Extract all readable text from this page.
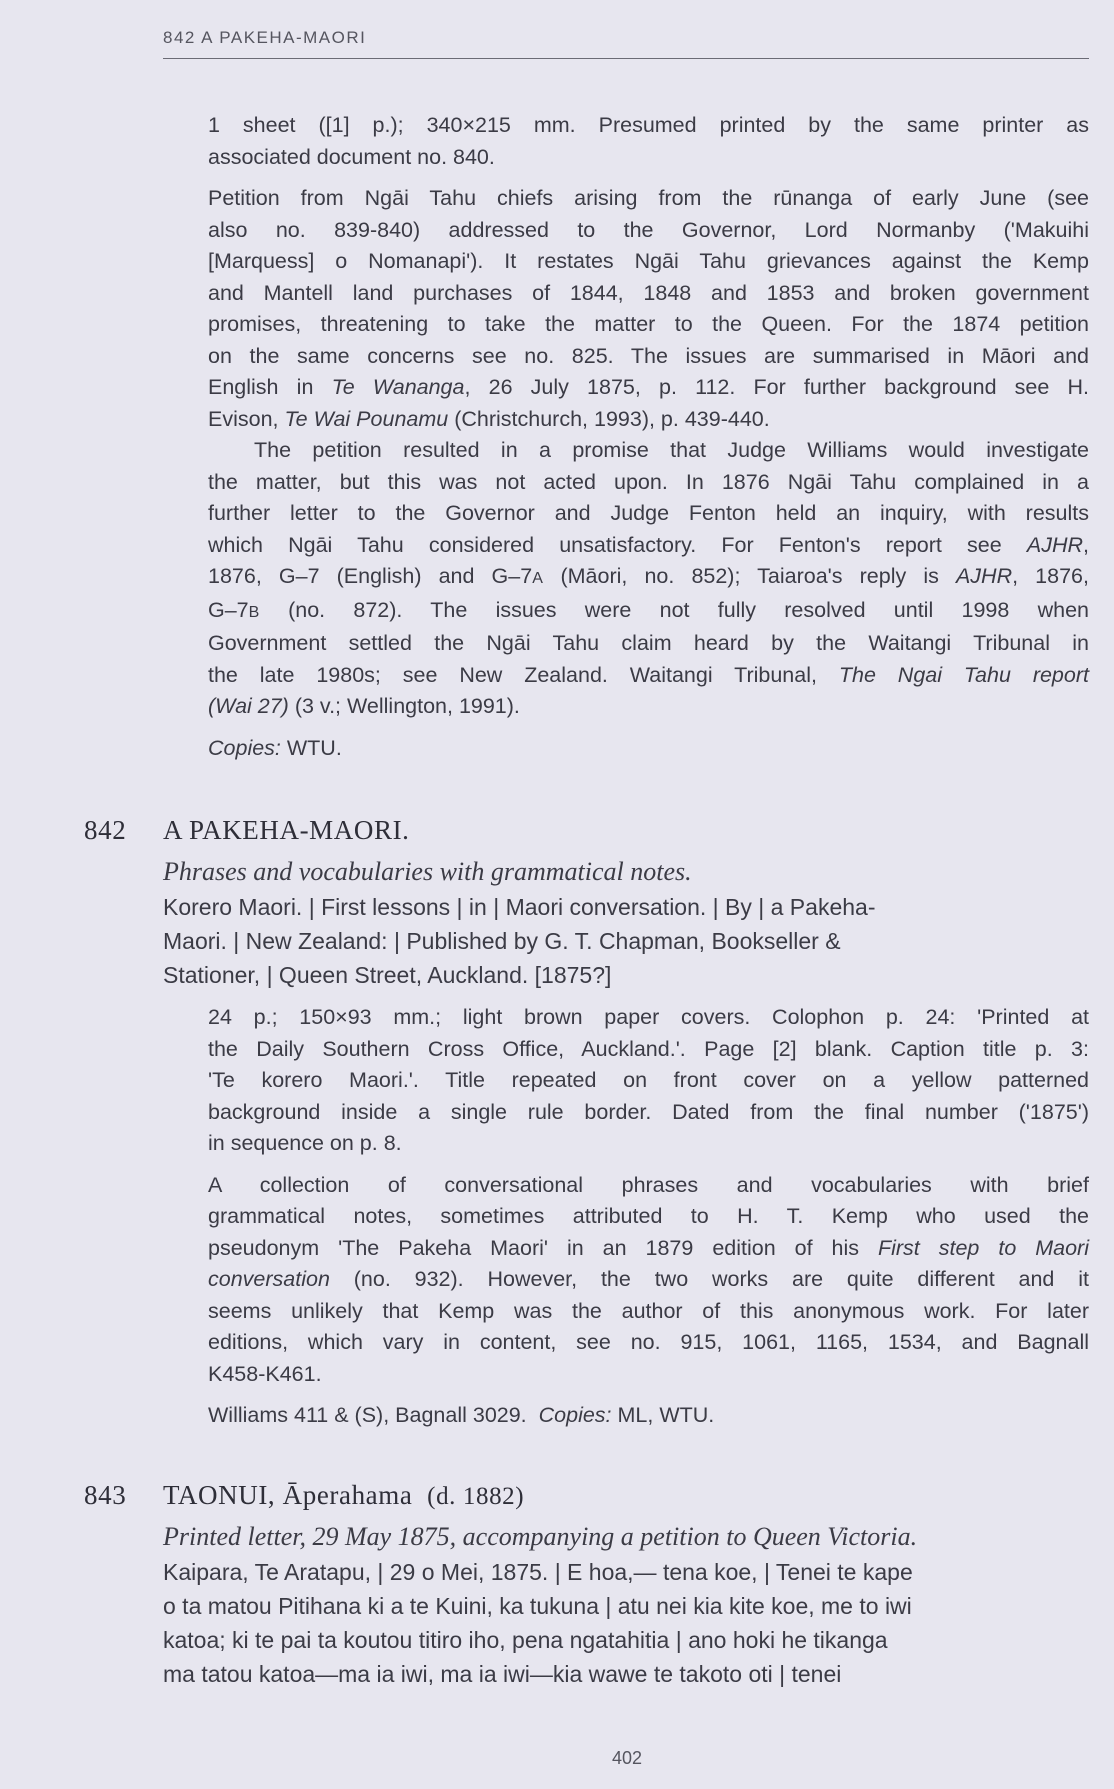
842 A PAKEHA-MAORI

1 sheet ([1] p.); 340×215 mm. Presumed printed by the same printer as
associated document no. 840.

Petition from Ngāi Tahu chiefs arising from the rūnanga of early June (see
also no. 839-840) addressed to the Governor, Lord Normanby ('Makuihi
[Marquess] o Nomanapi'). It restates Ngāi Tahu grievances against the Kemp
and Mantell land purchases of 1844, 1848 and 1853 and broken government
promises, threatening to take the matter to the Queen. For the 1874 petition
on the same concerns see no. 825. The issues are summarised in Māori and
English in Te Wananga, 26 July 1875, p. 112. For further background see H.
Evison, Te Wai Pounamu (Christchurch, 1993), p. 439-440.

The petition resulted in a promise that Judge Williams would investigate
the matter, but this was not acted upon. In 1876 Ngāi Tahu complained in a
further letter to the Governor and Judge Fenton held an inquiry, with results
which Ngāi Tahu considered unsatisfactory. For Fenton's report see AJHR,
1876, G–7 (English) and G–7A (Māori, no. 852); Taiaroa's reply is AJHR, 1876,
G–7B (no. 872). The issues were not fully resolved until 1998 when
Government settled the Ngāi Tahu claim heard by the Waitangi Tribunal in
the late 1980s; see New Zealand. Waitangi Tribunal, The Ngai Tahu report
(Wai 27) (3 v.; Wellington, 1991).

Copies: WTU.

842 A PAKEHA-MAORI.
Phrases and vocabularies with grammatical notes.
Korero Maori. | First lessons | in | Maori conversation. | By | a Pakeha-
Maori. | New Zealand: | Published by G. T. Chapman, Bookseller &
Stationer, | Queen Street, Auckland. [1875?]

24 p.; 150×93 mm.; light brown paper covers. Colophon p. 24: 'Printed at
the Daily Southern Cross Office, Auckland.'. Page [2] blank. Caption title p. 3:
'Te korero Maori.'. Title repeated on front cover on a yellow patterned
background inside a single rule border. Dated from the final number ('1875')
in sequence on p. 8.

A collection of conversational phrases and vocabularies with brief
grammatical notes, sometimes attributed to H. T. Kemp who used the
pseudonym 'The Pakeha Maori' in an 1879 edition of his First step to Maori
conversation (no. 932). However, the two works are quite different and it
seems unlikely that Kemp was the author of this anonymous work. For later
editions, which vary in content, see no. 915, 1061, 1165, 1534, and Bagnall
K458-K461.

Williams 411 & (S), Bagnall 3029. Copies: ML, WTU.

843 TAONUI, Āperahama (d. 1882)
Printed letter, 29 May 1875, accompanying a petition to Queen Victoria.
Kaipara, Te Aratapu, | 29 o Mei, 1875. | E hoa,— tena koe, | Tenei te kape
o ta matou Pitihana ki a te Kuini, ka tukuna | atu nei kia kite koe, me to iwi
katoa; ki te pai ta koutou titiro iho, pena ngatahitia | ano hoki he tikanga
ma tatou katoa—ma ia iwi, ma ia iwi—kia wawe te takoto oti | tenei
402
